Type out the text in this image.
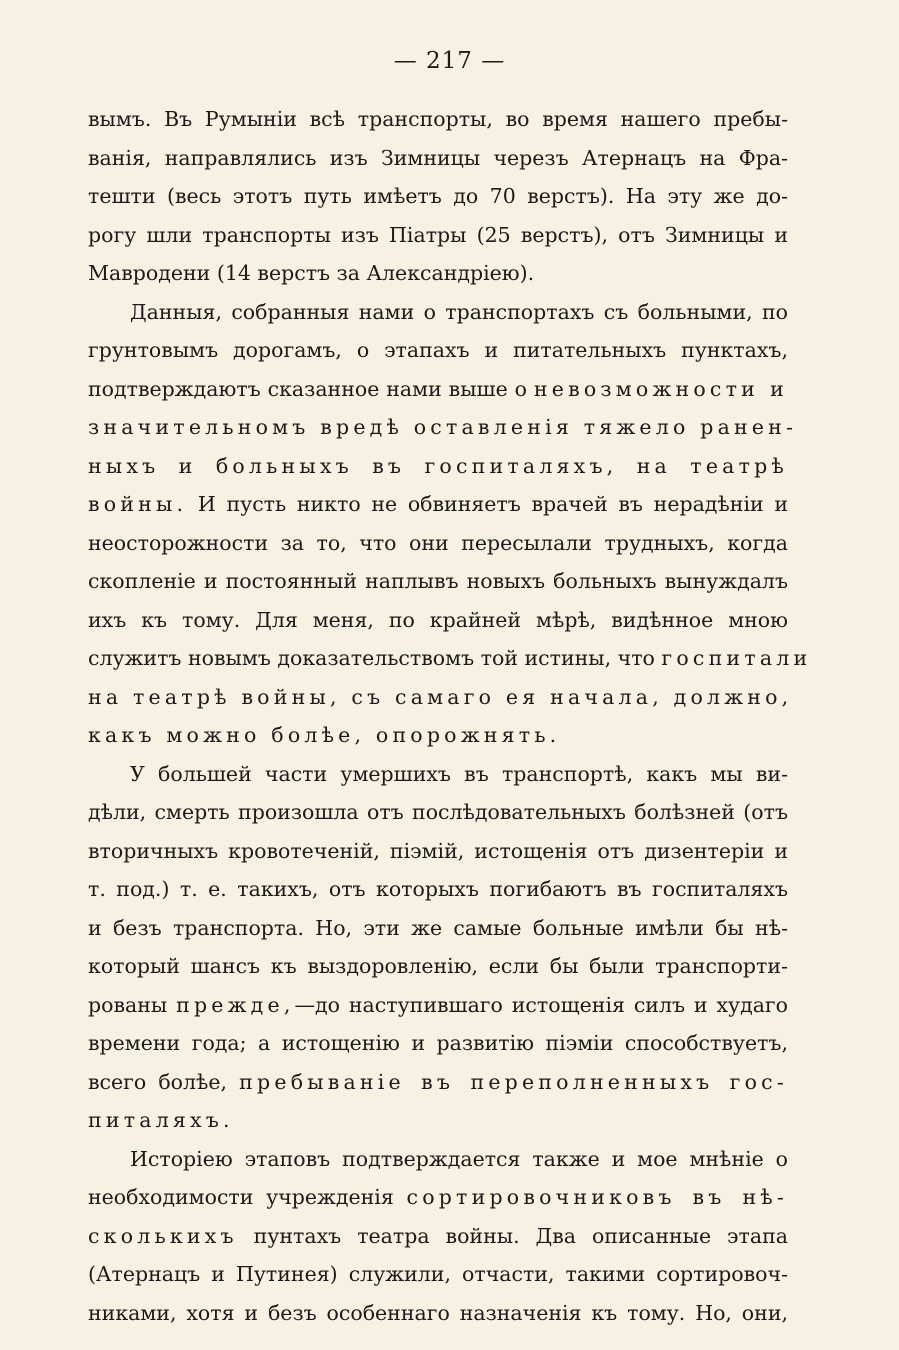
— 217 —
вымъ. Въ Румыніи всѣ транспорты, во время нашего пребы-
ванія, направлялись изъ Зимницы черезъ Атернацъ на Фра-
тешти (весь этотъ путь имѣетъ до 70 верстъ). На эту же до-
рогу шли транспорты изъ Піатры (25 верстъ), отъ Зимницы и
Мавродени (14 верстъ за Александріею).
Данныя, собранныя нами о транспортахъ съ больными, по
грунтовымъ дорогамъ, о этапахъ и питательныхъ пунктахъ,
подтверждаютъ сказанное нами выше о невозможности и
значительномъ вредѣ оставленія тяжело ранен-
ныхъ и больныхъ въ госпиталяхъ, на театрѣ
войны. И пусть никто не обвиняетъ врачей въ нерадѣніи и
неосторожности за то, что они пересылали трудныхъ, когда
скопленіе и постоянный наплывъ новыхъ больныхъ вынуждалъ
ихъ къ тому. Для меня, по крайней мѣрѣ, видѣнное мною
служитъ новымъ доказательствомъ той истины, что госпитали
на театрѣ войны, съ самаго ея начала, должно,
какъ можно болѣе, опорожнять.
У большей части умершихъ въ транспортѣ, какъ мы ви-
дѣли, смерть произошла отъ послѣдовательныхъ болѣзней (отъ
вторичныхъ кровотеченій, піэмій, истощенія отъ дизентеріи и
т. под.) т. е. такихъ, отъ которыхъ погибаютъ въ госпиталяхъ
и безъ транспорта. Но, эти же самые больные имѣли бы нѣ-
который шансъ къ выздоровленію, если бы были транспорти-
рованы прежде,—до наступившаго истощенія силъ и худаго
времени года; а истощенію и развитію піэміи способствуетъ,
всего болѣе, пребываніе въ переполненныхъ гос-
питаляхъ.
Исторіею этаповъ подтверждается также и мое мнѣніе о
необходимости учрежденія сортировочниковъ въ нѣ-
сколькихъ пунтахъ театра войны. Два описанные этапа
(Атернацъ и Путинея) служили, отчасти, такими сортировоч-
никами, хотя и безъ особеннаго назначенія къ тому. Но, они,
